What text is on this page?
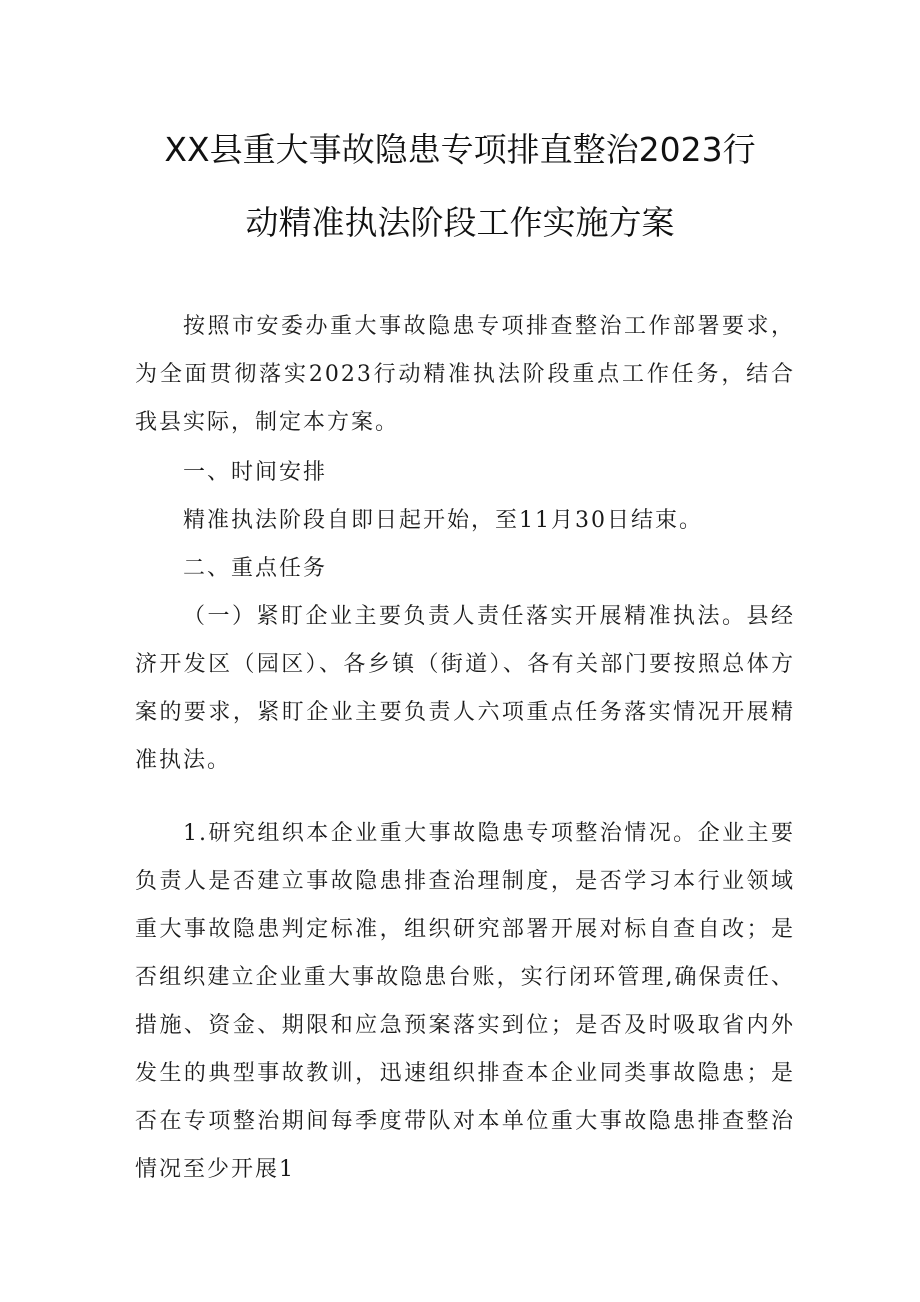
XX县重大事故隐患专项排直整治2023行
动精准执法阶段工作实施方案
按照市安委办重大事故隐患专项排查整治工作部署要求，为全面贯彻落实2023行动精准执法阶段重点工作任务，结合我县实际，制定本方案。
一、时间安排
精准执法阶段自即日起开始，至11月30日结束。
二、重点任务
（一）紧盯企业主要负责人责任落实开展精准执法。县经济开发区（园区）、各乡镇（街道）、各有关部门要按照总体方案的要求，紧盯企业主要负责人六项重点任务落实情况开展精准执法。
1.研究组织本企业重大事故隐患专项整治情况。企业主要负责人是否建立事故隐患排查治理制度，是否学习本行业领域重大事故隐患判定标准，组织研究部署开展对标自查自改；是否组织建立企业重大事故隐患台账，实行闭环管理,确保责任、措施、资金、期限和应急预案落实到位；是否及时吸取省内外发生的典型事故教训，迅速组织排查本企业同类事故隐患；是否在专项整治期间每季度带队对本单位重大事故隐患排查整治情况至少开展1
